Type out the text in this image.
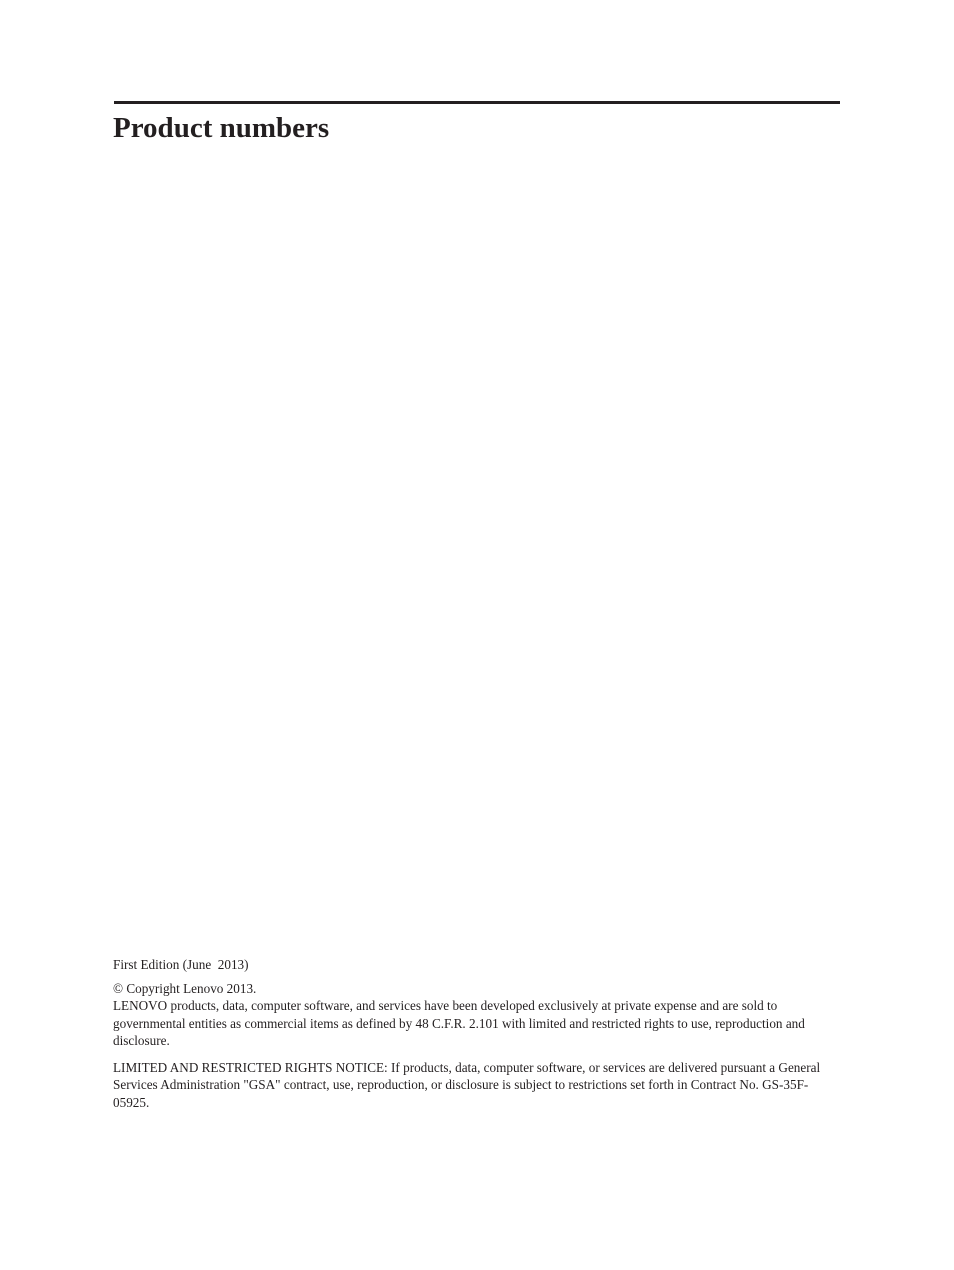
Product numbers

First Edition (June  2013)

© Copyright Lenovo 2013.

LENOVO products, data, computer software, and services have been developed exclusively at private expense and are sold to governmental entities as commercial items as defined by 48 C.F.R. 2.101 with limited and restricted rights to use, reproduction and disclosure.

LIMITED AND RESTRICTED RIGHTS NOTICE: If products, data, computer software, or services are delivered pursuant a General Services Administration "GSA" contract, use, reproduction, or disclosure is subject to restrictions set forth in Contract No. GS-35F-05925.
